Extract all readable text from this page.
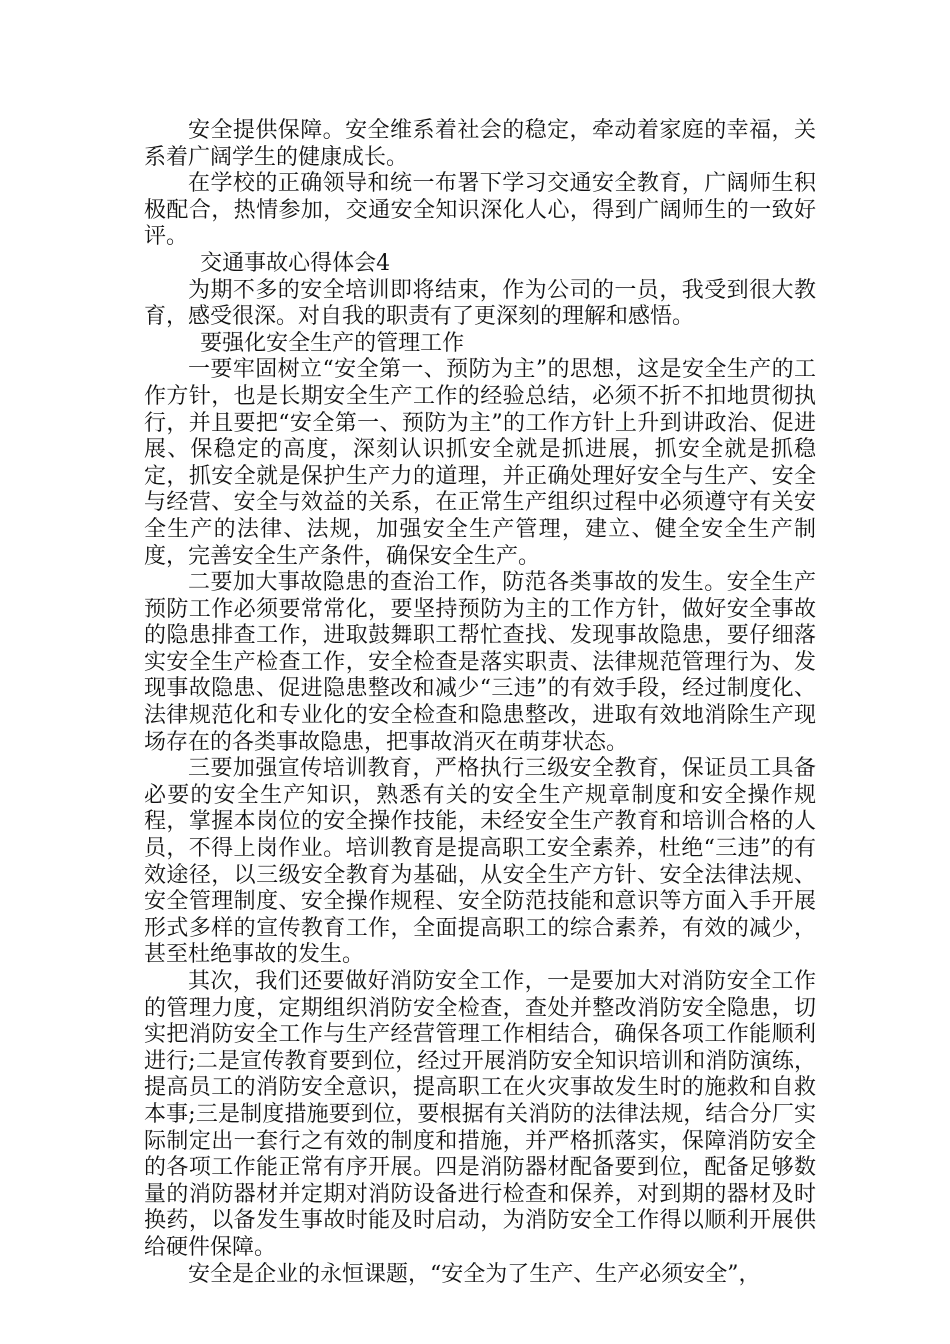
安全提供保障。安全维系着社会的稳定，牵动着家庭的幸福，关系着广阔学生的健康成长。

在学校的正确领导和统一布署下学习交通安全教育，广阔师生积极配合，热情参加，交通安全知识深化人心，得到广阔师生的一致好评。

交通事故心得体会4

为期不多的安全培训即将结束，作为公司的一员，我受到很大教育，感受很深。对自我的职责有了更深刻的理解和感悟。

要强化安全生产的管理工作

一要牢固树立“安全第一、预防为主”的思想，这是安全生产的工作方针，也是长期安全生产工作的经验总结，必须不折不扣地贯彻执行，并且要把“安全第一、预防为主”的工作方针上升到讲政治、促进展、保稳定的高度，深刻认识抓安全就是抓进展，抓安全就是抓稳定，抓安全就是保护生产力的道理，并正确处理好安全与生产、安全与经营、安全与效益的关系，在正常生产组织过程中必须遵守有关安全生产的法律、法规，加强安全生产管理，建立、健全安全生产制度，完善安全生产条件，确保安全生产。

二要加大事故隐患的查治工作，防范各类事故的发生。安全生产预防工作必须要常常化，要坚持预防为主的工作方针，做好安全事故的隐患排查工作，进取鼓舞职工帮忙查找、发现事故隐患，要仔细落实安全生产检查工作，安全检查是落实职责、法律规范管理行为、发现事故隐患、促进隐患整改和减少“三违”的有效手段，经过制度化、法律规范化和专业化的安全检查和隐患整改，进取有效地消除生产现场存在的各类事故隐患，把事故消灭在萌芽状态。

三要加强宣传培训教育，严格执行三级安全教育，保证员工具备必要的安全生产知识，熟悉有关的安全生产规章制度和安全操作规程，掌握本岗位的安全操作技能，未经安全生产教育和培训合格的人员，不得上岗作业。培训教育是提高职工安全素养，杜绝“三违”的有效途径，以三级安全教育为基础，从安全生产方针、安全法律法规、安全管理制度、安全操作规程、安全防范技能和意识等方面入手开展形式多样的宣传教育工作，全面提高职工的综合素养，有效的减少，甚至杜绝事故的发生。

其次，我们还要做好消防安全工作，一是要加大对消防安全工作的管理力度，定期组织消防安全检查，查处并整改消防安全隐患，切实把消防安全工作与生产经营管理工作相结合，确保各项工作能顺利进行;二是宣传教育要到位，经过开展消防安全知识培训和消防演练，提高员工的消防安全意识，提高职工在火灾事故发生时的施救和自救本事;三是制度措施要到位，要根据有关消防的法律法规，结合分厂实际制定出一套行之有效的制度和措施，并严格抓落实，保障消防安全的各项工作能正常有序开展。四是消防器材配备要到位，配备足够数量的消防器材并定期对消防设备进行检查和保养，对到期的器材及时换药，以备发生事故时能及时启动，为消防安全工作得以顺利开展供给硬件保障。

安全是企业的永恒课题，“安全为了生产、生产必须安全”，
